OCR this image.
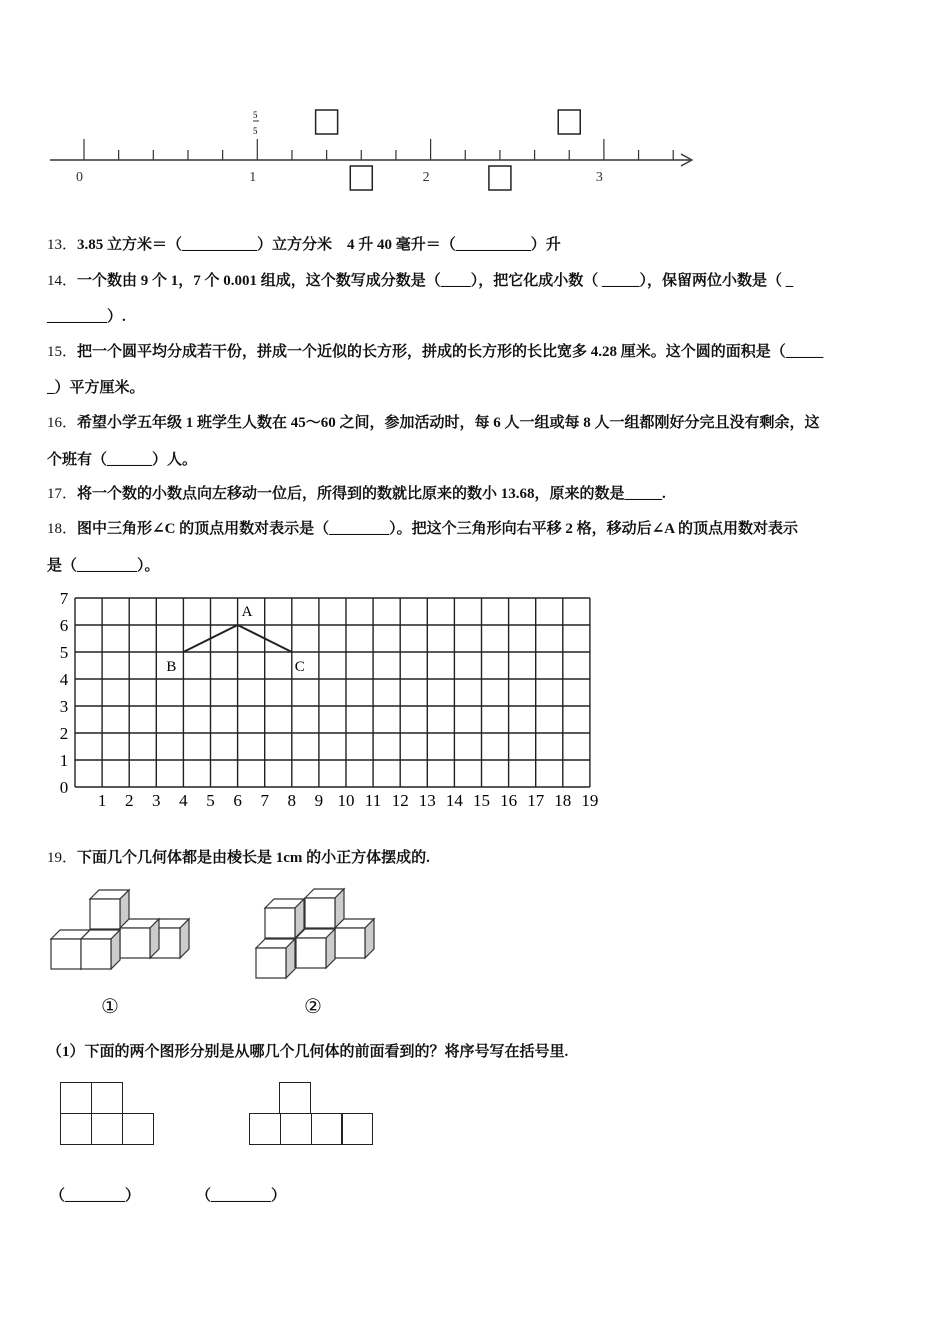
0	1	2	3
5
5
13．3.85 立方米＝（__________）立方分米　4 升 40 毫升＝（__________）升
14．一个数由 9 个 1，7 个 0.001 组成，这个数写成分数是（____），把它化成小数（ _____），保留两位小数是（ _
________）.
15．把一个圆平均分成若干份，拼成一个近似的长方形，拼成的长方形的长比宽多 4.28 厘米。这个圆的面积是（_____
_）平方厘米。
16．希望小学五年级 1 班学生人数在 45～60 之间，参加活动时，每 6 人一组或每 8 人一组都刚好分完且没有剩余，这
个班有（______）人。
17．将一个数的小数点向左移动一位后，所得到的数就比原来的数小 13.68，原来的数是_____.
18．图中三角形∠C 的顶点用数对表示是（________）。把这个三角形向右平移 2 格，移动后∠A 的顶点用数对表示
是（________）。
19．下面几个几何体都是由棱长是 1cm 的小正方体摆成的.
（1）下面的两个图形分别是从哪几个几何体的前面看到的？将序号写在括号里.
1 2 3 4 5 6 7 8 9 10 11 12 13 14 15 16 17 18 19
0
1
2
3
4
5
6
7
A
B	C
①	②
（________）	（________）
